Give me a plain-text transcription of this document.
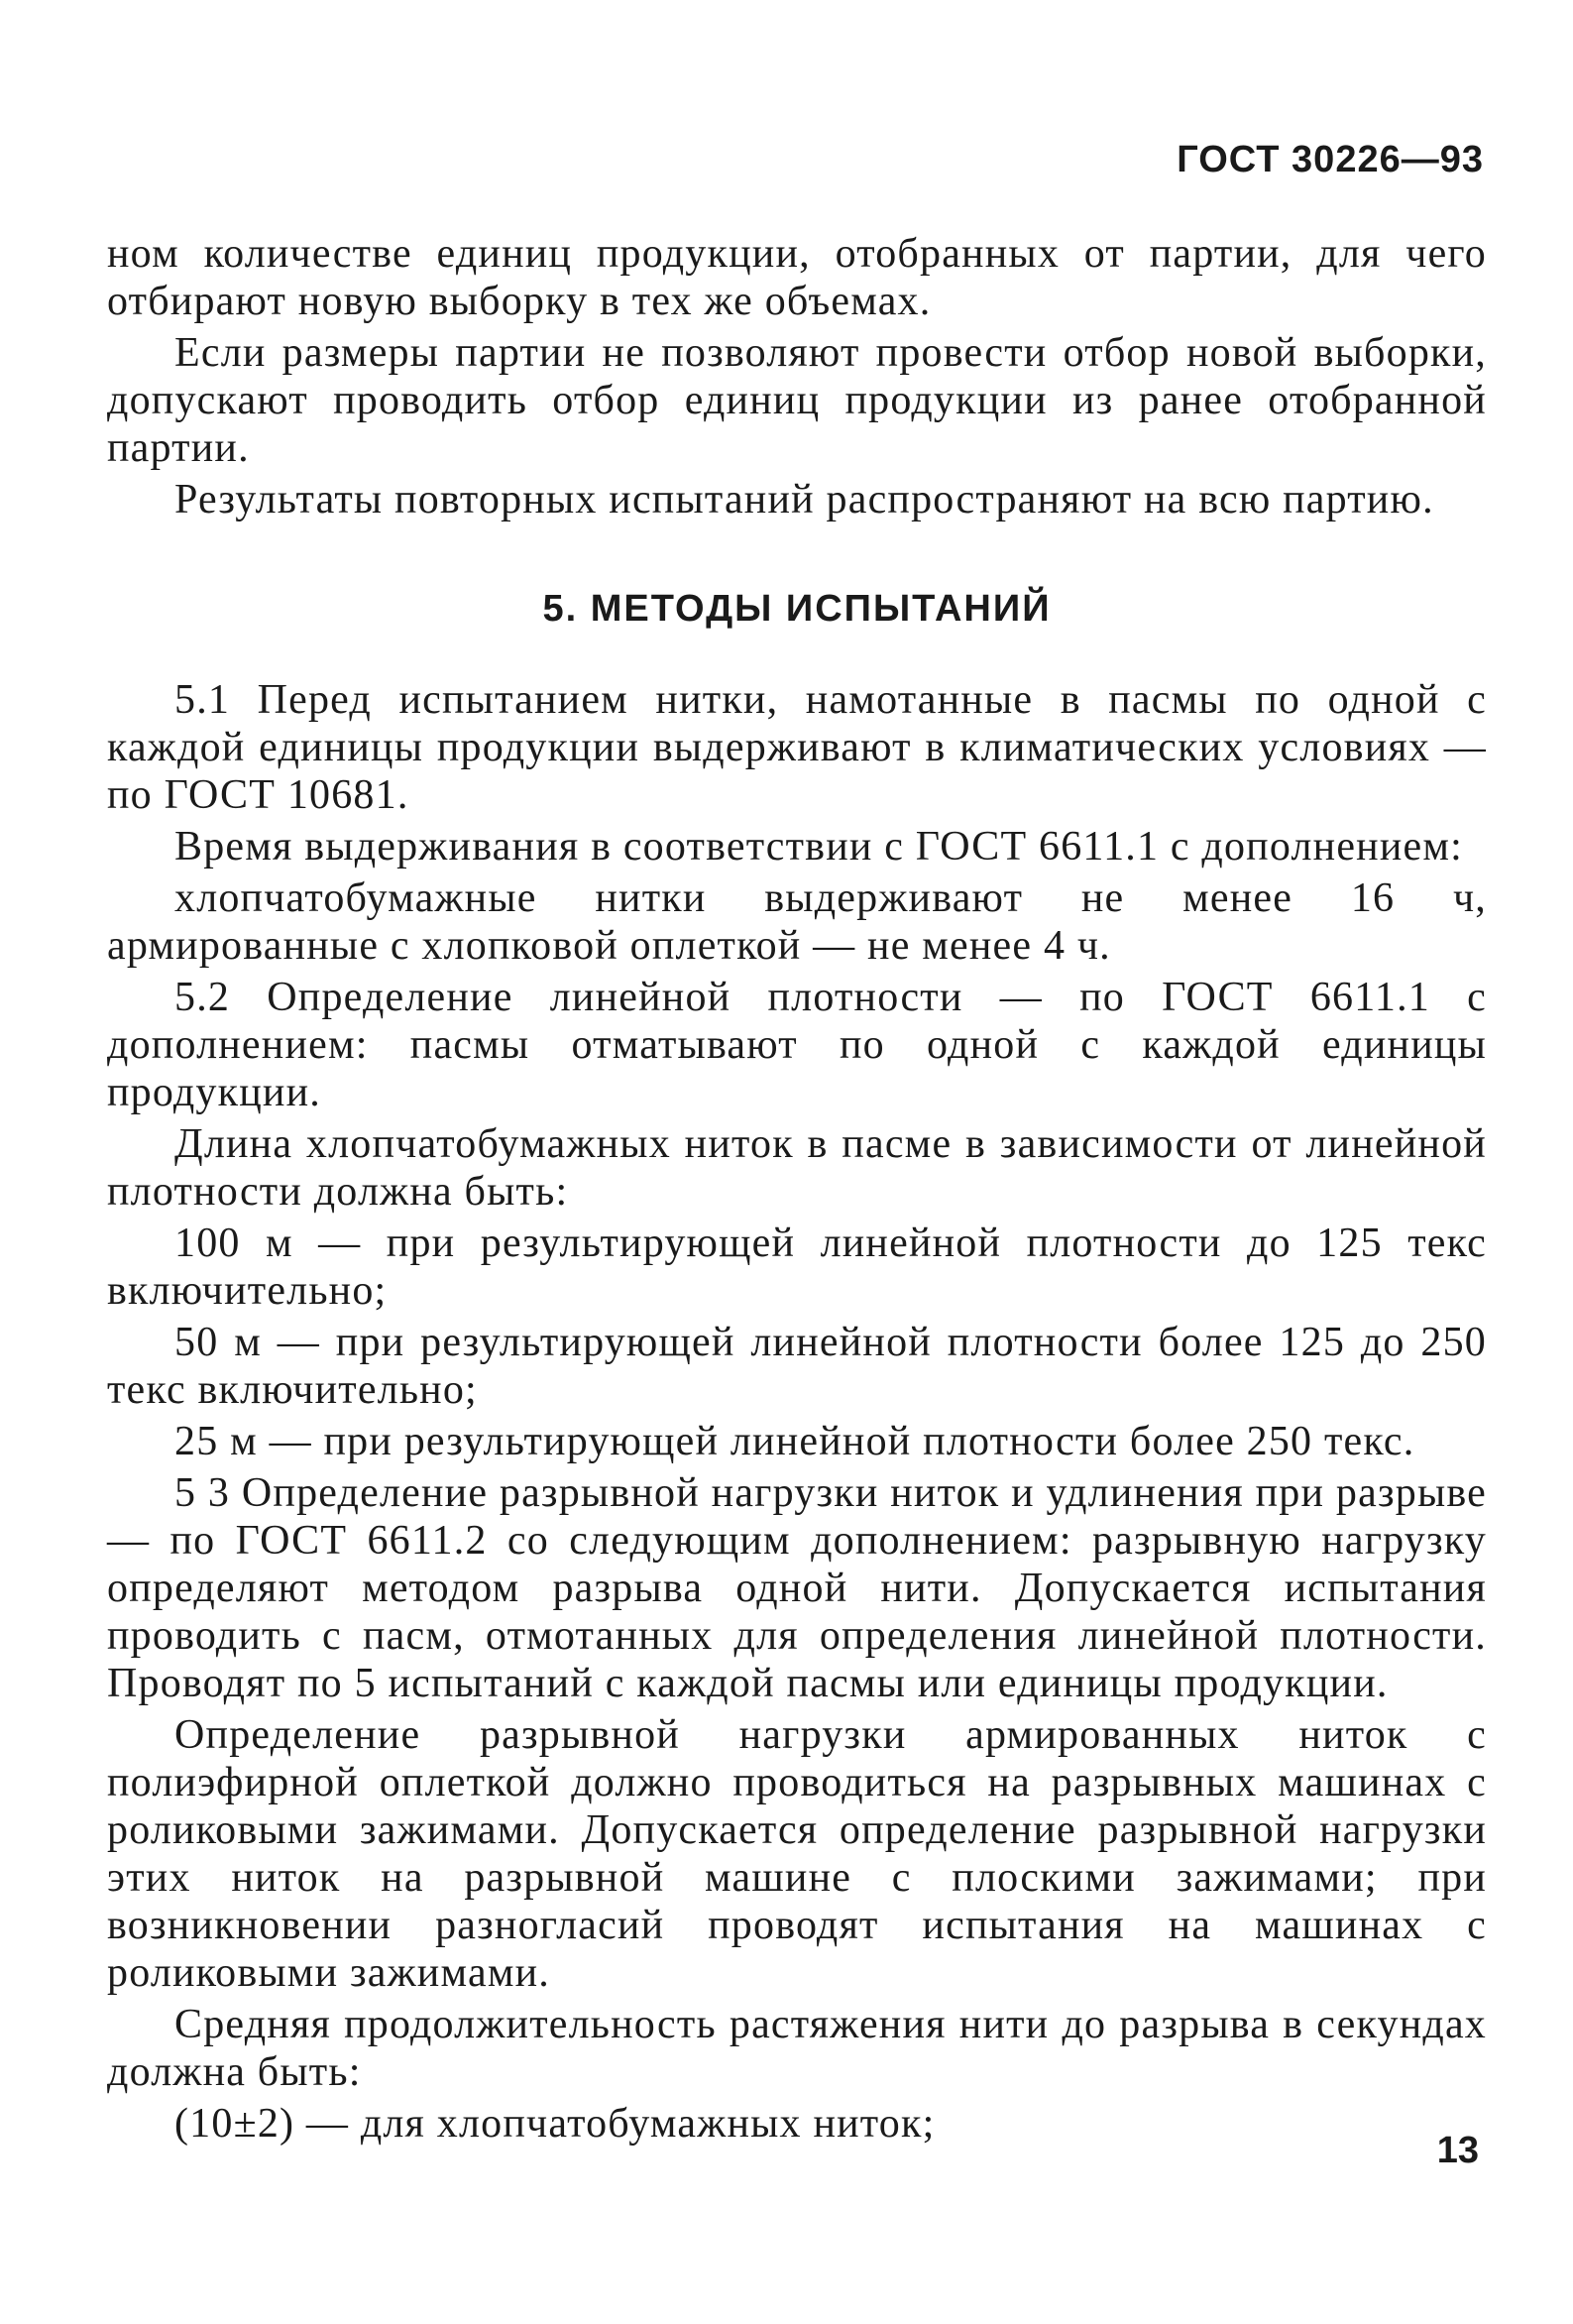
ГОСТ 30226—93

ном количестве единиц продукции, отобранных от партии, для чего отбирают новую выборку в тех же объемах.

Если размеры партии не позволяют провести отбор новой выборки, допускают проводить отбор единиц продукции из ранее отобранной партии.

Результаты повторных испытаний распространяют на всю партию.

5. МЕТОДЫ ИСПЫТАНИЙ

5.1 Перед испытанием нитки, намотанные в пасмы по одной с каждой единицы продукции выдерживают в климатических условиях — по ГОСТ 10681.

Время выдерживания в соответствии с ГОСТ 6611.1 с дополнением:

хлопчатобумажные нитки выдерживают не менее 16 ч, армированные с хлопковой оплеткой — не менее 4 ч.

5.2 Определение линейной плотности — по ГОСТ 6611.1 с дополнением: пасмы отматывают по одной с каждой единицы продукции.

Длина хлопчатобумажных ниток в пасме в зависимости от линейной плотности должна быть:

100 м — при результирующей линейной плотности до 125 текс включительно;

50 м — при результирующей линейной плотности более 125 до 250 текс включительно;

25 м — при результирующей линейной плотности более 250 текс.

5 3 Определение разрывной нагрузки ниток и удлинения при разрыве — по ГОСТ 6611.2 со следующим дополнением: разрывную нагрузку определяют методом разрыва одной нити. Допускается испытания проводить с пасм, отмотанных для определения линейной плотности. Проводят по 5 испытаний с каждой пасмы или единицы продукции.

Определение разрывной нагрузки армированных ниток с полиэфирной оплеткой должно проводиться на разрывных машинах с роликовыми зажимами. Допускается определение разрывной нагрузки этих ниток на разрывной машине с плоскими зажимами; при возникновении разногласий проводят испытания на машинах с роликовыми зажимами.

Средняя продолжительность растяжения нити до разрыва в секундах должна быть:

(10±2) — для хлопчатобумажных ниток;

13
